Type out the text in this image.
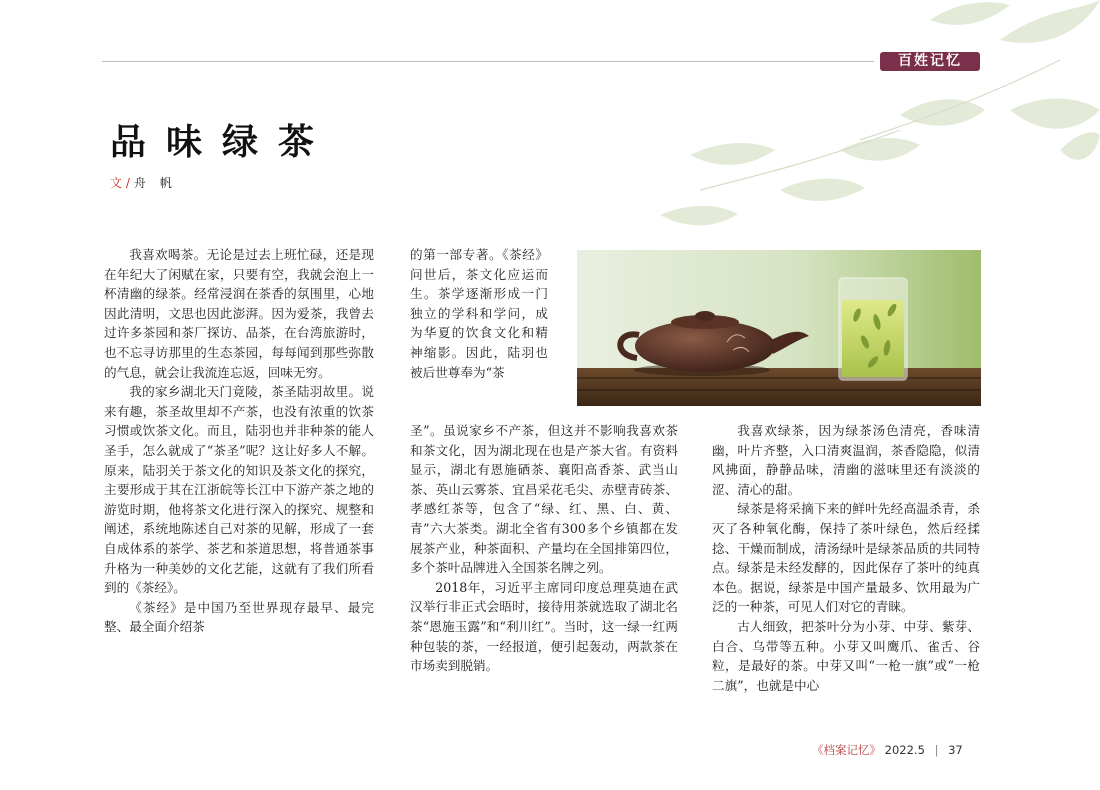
百姓记忆
品味绿茶
文 / 舟帆

我喜欢喝茶。无论是过去上班忙碌，还是现在年纪大了闲赋在家，只要有空，我就会泡上一杯清幽的绿茶。经常浸润在茶香的氛围里，心地因此清明，文思也因此澎湃。因为爱茶，我曾去过许多茶园和茶厂探访、品茶，在台湾旅游时，也不忘寻访那里的生态茶园，每每闻到那些弥散的气息，就会让我流连忘返，回味无穷。

我的家乡湖北天门竟陵，茶圣陆羽故里。说来有趣，茶圣故里却不产茶，也没有浓重的饮茶习惯或饮茶文化。而且，陆羽也并非种茶的能人圣手，怎么就成了“茶圣”呢？这让好多人不解。原来，陆羽关于茶文化的知识及茶文化的探究，主要形成于其在江浙皖等长江中下游产茶之地的游览时期，他将茶文化进行深入的探究、规整和阐述，系统地陈述自己对茶的见解，形成了一套自成体系的茶学、茶艺和茶道思想，将普通茶事升格为一种美妙的文化艺能，这就有了我们所看到的《茶经》。

《茶经》是中国乃至世界现存最早、最完整、最全面介绍茶

的第一部专著。《茶经》问世后，茶文化应运而生。茶学逐渐形成一门独立的学科和学问，成为华夏的饮食文化和精神缩影。因此，陆羽也被后世尊奉为“茶

圣”。虽说家乡不产茶，但这并不影响我喜欢茶和茶文化，因为湖北现在也是产茶大省。有资料显示，湖北有恩施硒茶、襄阳高香茶、武当山茶、英山云雾茶、宜昌采花毛尖、赤壁青砖茶、孝感红茶等，包含了“绿、红、黑、白、黄、青”六大茶类。湖北全省有300多个乡镇都在发展茶产业，种茶面积、产量均在全国排第四位，多个茶叶品牌进入全国茶名牌之列。

2018年，习近平主席同印度总理莫迪在武汉举行非正式会晤时，接待用茶就选取了湖北名茶“恩施玉露”和“利川红”。当时，这一绿一红两种包装的茶，一经报道，便引起轰动，两款茶在市场卖到脱销。

我喜欢绿茶，因为绿茶汤色清亮，香味清幽，叶片齐整，入口清爽温润，茶香隐隐，似清风拂面，静静品味，清幽的滋味里还有淡淡的涩、清心的甜。

绿茶是将采摘下来的鲜叶先经高温杀青，杀灭了各种氧化酶，保持了茶叶绿色，然后经揉捻、干燥而制成，清汤绿叶是绿茶品质的共同特点。绿茶是未经发酵的，因此保存了茶叶的纯真本色。据说，绿茶是中国产量最多、饮用最为广泛的一种茶，可见人们对它的青睐。

古人细致，把茶叶分为小芽、中芽、紫芽、白合、乌带等五种。小芽又叫鹰爪、雀舌、谷粒，是最好的茶。中芽又叫“一枪一旗”或“一枪二旗”，也就是中心

《档案记忆》 2022.5 | 37
